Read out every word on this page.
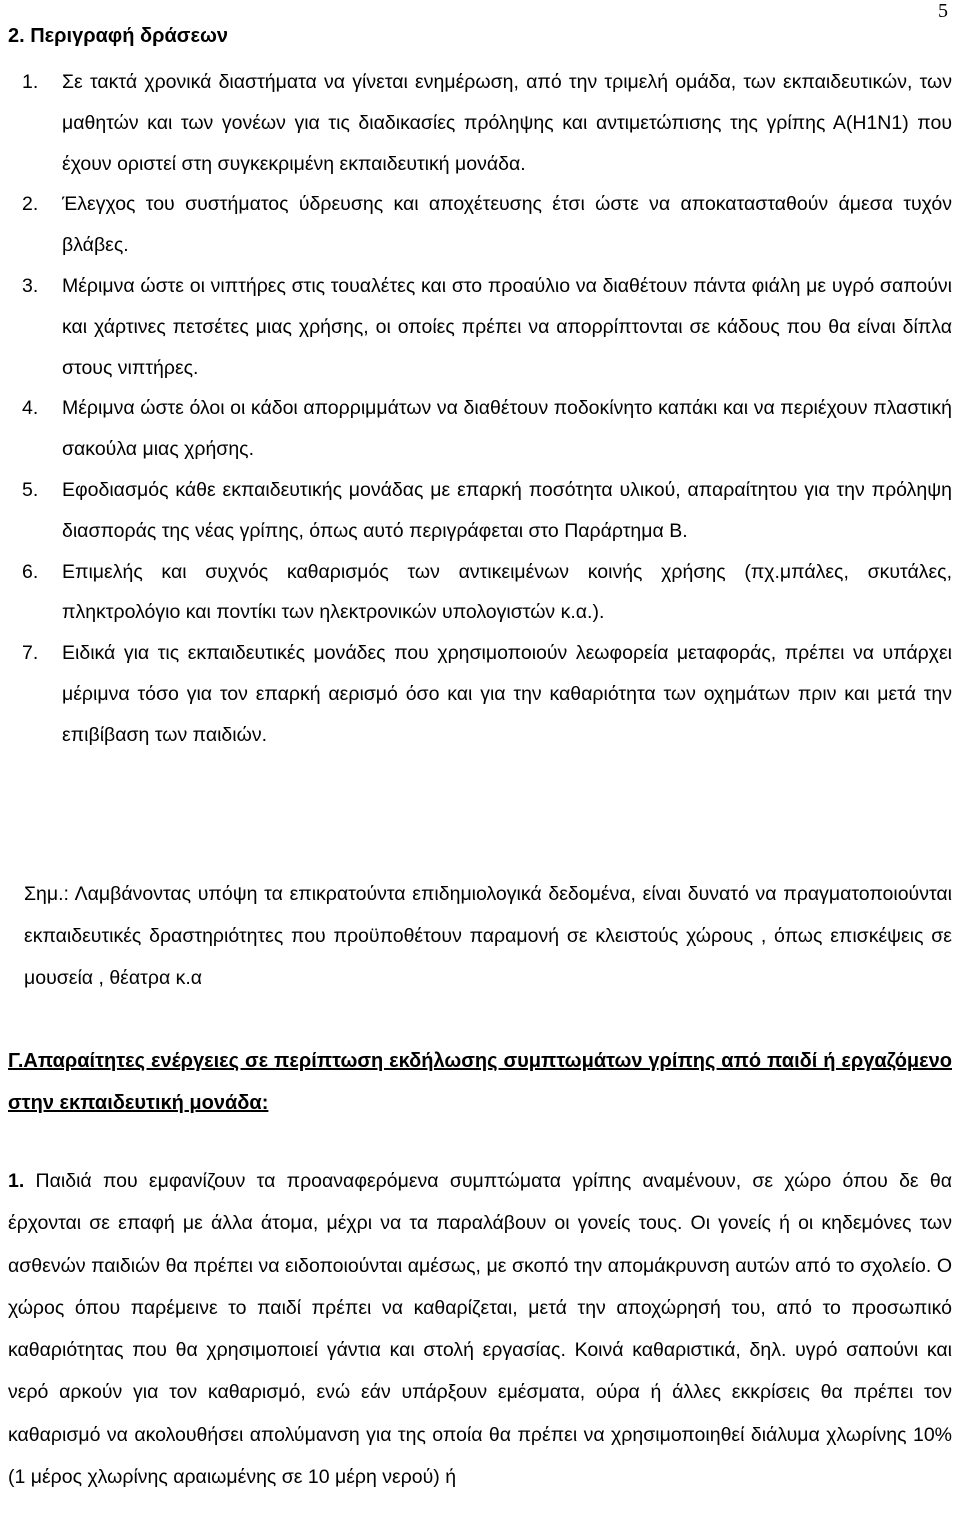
5
2. Περιγραφή δράσεων
1. Σε τακτά χρονικά διαστήματα να γίνεται ενημέρωση, από την τριμελή ομάδα, των εκπαιδευτικών, των μαθητών και των γονέων για τις διαδικασίες πρόληψης και αντιμετώπισης της γρίπης Α(Η1Ν1) που έχουν οριστεί στη συγκεκριμένη εκπαιδευτική μονάδα.
2. Έλεγχος του συστήματος ύδρευσης και αποχέτευσης έτσι ώστε να αποκατασταθούν άμεσα τυχόν βλάβες.
3. Μέριμνα ώστε οι νιπτήρες στις τουαλέτες και στο προαύλιο να διαθέτουν πάντα φιάλη με υγρό σαπούνι και χάρτινες πετσέτες μιας χρήσης, οι οποίες πρέπει να απορρίπτονται σε κάδους που θα είναι δίπλα στους νιπτήρες.
4. Μέριμνα ώστε όλοι οι κάδοι απορριμμάτων να διαθέτουν ποδοκίνητο καπάκι και να περιέχουν πλαστική σακούλα μιας χρήσης.
5. Εφοδιασμός κάθε εκπαιδευτικής μονάδας με επαρκή ποσότητα υλικού, απαραίτητου για την πρόληψη διασποράς της νέας γρίπης, όπως αυτό περιγράφεται στο Παράρτημα Β.
6. Επιμελής και συχνός καθαρισμός των αντικειμένων κοινής χρήσης (πχ.μπάλες, σκυτάλες, πληκτρολόγιο και ποντίκι των ηλεκτρονικών υπολογιστών κ.α.).
7. Ειδικά για τις εκπαιδευτικές μονάδες που χρησιμοποιούν λεωφορεία μεταφοράς, πρέπει να υπάρχει μέριμνα τόσο για τον επαρκή αερισμό όσο και για την καθαριότητα των οχημάτων πριν και μετά την επιβίβαση των παιδιών.

Σημ.: Λαμβάνοντας υπόψη τα επικρατούντα επιδημιολογικά δεδομένα, είναι δυνατό να πραγματοποιούνται εκπαιδευτικές δραστηριότητες που προϋποθέτουν παραμονή σε κλειστούς χώρους , όπως επισκέψεις σε μουσεία , θέατρα κ.α

Γ.Απαραίτητες ενέργειες σε περίπτωση εκδήλωσης συμπτωμάτων γρίπης από παιδί ή εργαζόμενο στην εκπαιδευτική μονάδα:

1. Παιδιά που εμφανίζουν τα προαναφερόμενα συμπτώματα γρίπης αναμένουν, σε χώρο όπου δε θα έρχονται σε επαφή με άλλα άτομα, μέχρι να τα παραλάβουν οι γονείς τους. Οι γονείς ή οι κηδεμόνες των ασθενών παιδιών θα πρέπει να ειδοποιούνται αμέσως, με σκοπό την απομάκρυνση αυτών από το σχολείο. Ο χώρος όπου παρέμεινε το παιδί πρέπει να καθαρίζεται, μετά την αποχώρησή του, από το προσωπικό καθαριότητας που θα χρησιμοποιεί γάντια και στολή εργασίας. Κοινά καθαριστικά, δηλ. υγρό σαπούνι και νερό αρκούν για τον καθαρισμό, ενώ εάν υπάρξουν εμέσματα, ούρα ή άλλες εκκρίσεις θα πρέπει τον καθαρισμό να ακολουθήσει απολύμανση για της οποία θα πρέπει να χρησιμοποιηθεί διάλυμα χλωρίνης 10%(1 μέρος χλωρίνης αραιωμένης σε 10 μέρη νερού) ή
